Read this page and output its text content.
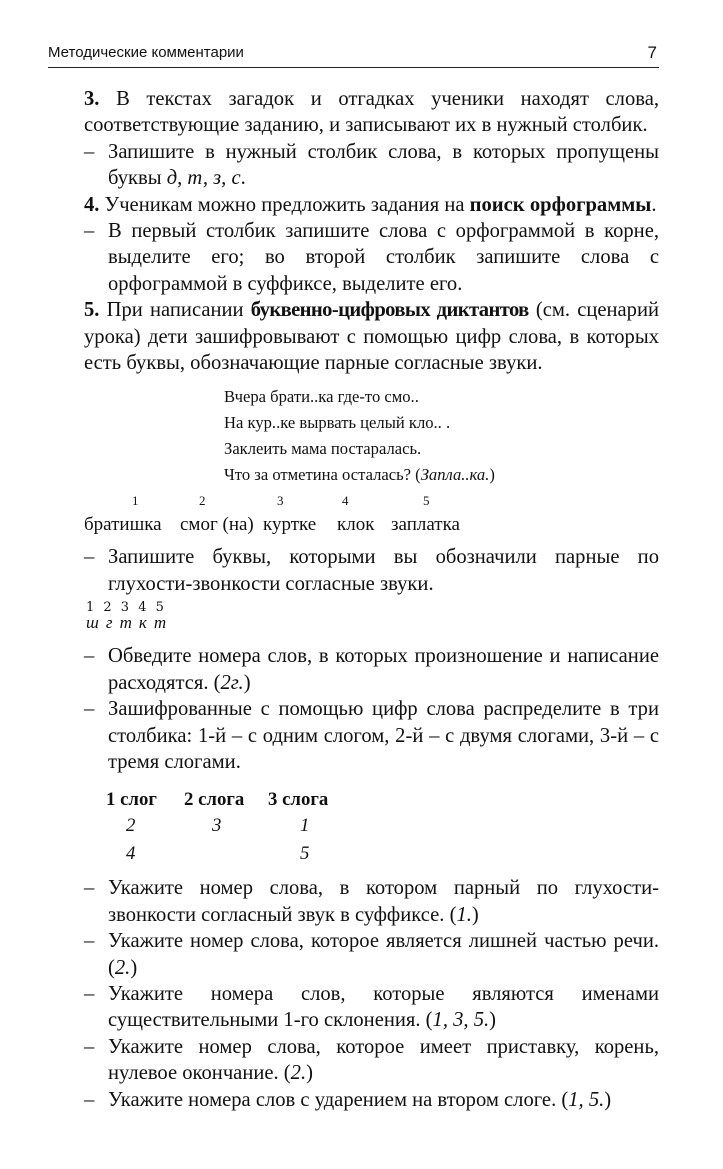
Методические комментарии	7

3. В текстах загадок и отгадках ученики находят слова, соответствующие заданию, и записывают их в нужный столбик.

– Запишите в нужный столбик слова, в которых пропущены буквы д, т, з, с.

4. Ученикам можно предложить задания на поиск орфограммы.

– В первый столбик запишите слова с орфограммой в корне, выделите его; во второй столбик запишите слова с орфограммой в суффиксе, выделите его.

5. При написании буквенно-цифровых диктантов (см. сценарий урока) дети зашифровывают с помощью цифр слова, в которых есть буквы, обозначающие парные согласные звуки.

Вчера брати..ка где-то смо..
На кур..ке вырвать целый кло.. .
Заклеить мама постаралась.
Что за отметина осталась? (Запла..ка.)
1
братишка
2
смог (на)
3
куртке
4
клок
5
заплатка

– Запишите буквы, которыми вы обозначили парные по глухости-звонкости согласные звуки.

1 2 3 4 5
ш г т к т

– Обведите номера слов, в которых произношение и написание расходятся. (2г.)

– Зашифрованные с помощью цифр слова распределите в три столбика: 1-й – с одним слогом, 2-й – с двумя слогами, 3-й – с тремя слогами.

1 слог 2 слога 3 слога
2
4
3	1
5

– Укажите номер слова, в котором парный по глухости-звонкости согласный звук в суффиксе. (1.)

– Укажите номер слова, которое является лишней частью речи. (2.)

– Укажите номера слов, которые являются именами существительными 1-го склонения. (1, 3, 5.)

– Укажите номер слова, которое имеет приставку, корень, нулевое окончание. (2.)

– Укажите номера слов с ударением на втором слоге. (1, 5.)
